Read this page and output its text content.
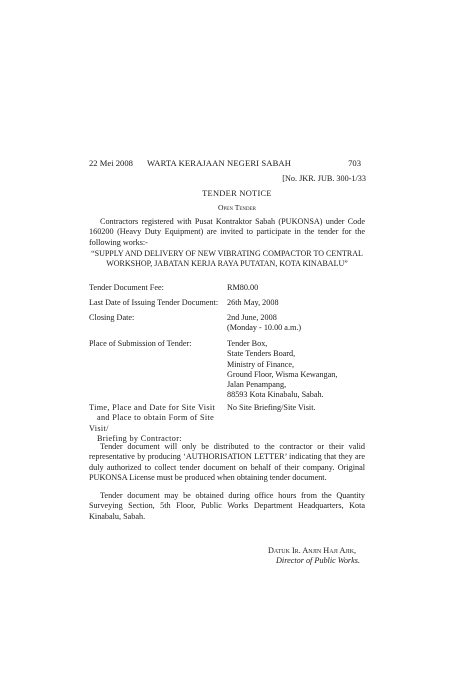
22 Mei 2008 WARTA KERAJAAN NEGERI SABAH	703
[No. JKR. JUB. 300-1/33
TENDER NOTICE
Open Tender
Contractors registered with Pusat Kontraktor Sabah (PUKONSA) under Code 160200 (Heavy Duty Equipment) are invited to participate in the tender for the following works:-
“SUPPLY AND DELIVERY OF NEW VIBRATING COMPACTOR TO CENTRAL WORKSHOP, JABATAN KERJA RAYA PUTATAN, KOTA KINABALU”
Tender Document Fee:	RM80.00
Last Date of Issuing Tender Document:	26th May, 2008
Closing Date:	2nd June, 2008
(Monday - 10.00 a.m.)
Place of Submission of Tender:	Tender Box,
State Tenders Board,
Ministry of Finance,
Ground Floor, Wisma Kewangan,
Jalan Penampang,
88593 Kota Kinabalu, Sabah.
Time, Place and Date for Site Visit
and Place to obtain Form of Site Visit/
Briefing by Contractor:
No Site Briefing/Site Visit.
Tender document will only be distributed to the contractor or their valid representative by producing ‘AUTHORISATION LETTER’ indicating that they are duly authorized to collect tender document on behalf of their company. Original PUKONSA License must be produced when obtaining tender document.
Tender document may be obtained during office hours from the Quantity Surveying Section, 5th Floor, Public Works Department Headquarters, Kota Kinabalu, Sabah.
Datuk Ir. Anjin Haji Ajik,
Director of Public Works.
